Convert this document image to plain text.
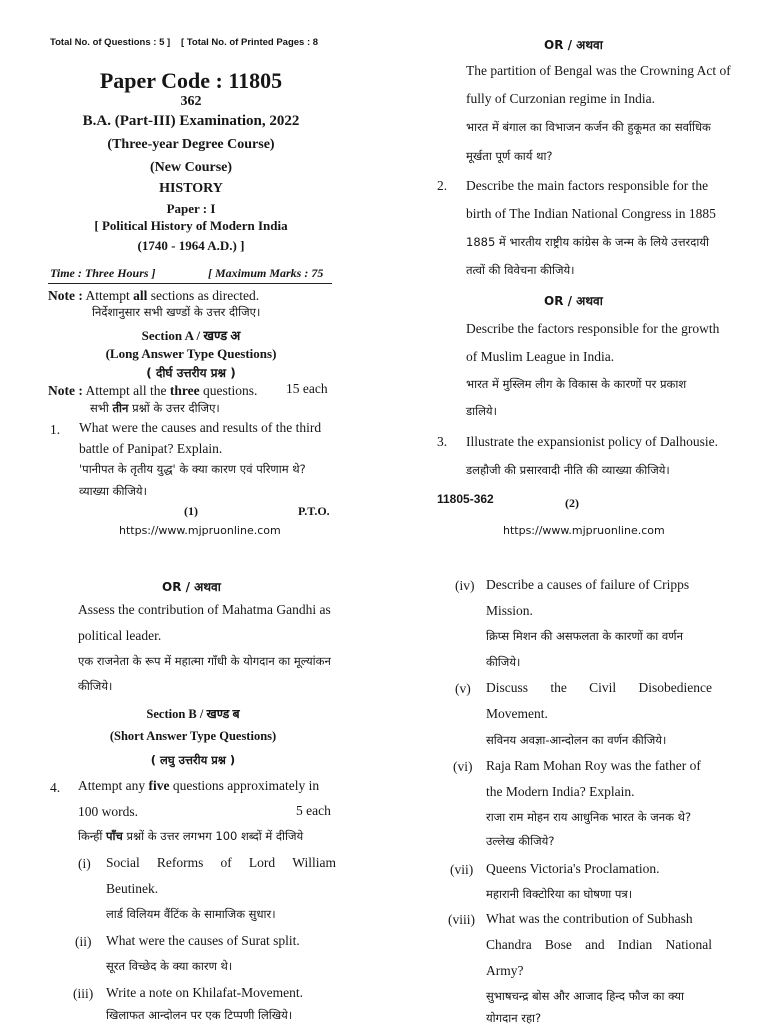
Total No. of Questions : 5 ] [ Total No. of Printed Pages : 8
Paper Code : 11805
362
B.A. (Part-III) Examination, 2022
(Three-year Degree Course)
(New Course)
HISTORY
Paper : I
[ Political History of Modern India
(1740 - 1964 A.D.) ]
Time : Three Hours ]	[ Maximum Marks : 75
Note : Attempt all sections as directed.
निर्देशानुसार सभी खण्डों के उत्तर दीजिए।
Section A / खण्ड अ
(Long Answer Type Questions)
( दीर्घ उत्तरीय प्रश्न )
Note : Attempt all the three questions. 15 each
सभी तीन प्रश्नों के उत्तर दीजिए।
1. What were the causes and results of the third
battle of Panipat? Explain.
'पानीपत के तृतीय युद्ध' के क्या कारण एवं परिणाम थे?
व्याख्या कीजिये।
(1)	P.T.O.
https://www.mjpruonline.com
OR / अथवा
The partition of Bengal was the Crowning Act of
fully of Curzonian regime in India.
भारत में बंगाल का विभाजन कर्जन की हुकूमत का सर्वाधिक
मूर्खता पूर्ण कार्य था?
2. Describe the main factors responsible for the
birth of The Indian National Congress in 1885
1885 में भारतीय राष्ट्रीय कांग्रेस के जन्म के लिये उत्तरदायी
तत्वों की विवेचना कीजिये।
OR / अथवा
Describe the factors responsible for the growth
of Muslim League in India.
भारत में मुस्लिम लीग के विकास के कारणों पर प्रकाश
डालिये।
3. Illustrate the expansionist policy of Dalhousie.
डलहौजी की प्रसारवादी नीति की व्याख्या कीजिये।
11805-362	(2)
https://www.mjpruonline.com
OR / अथवा
Assess the contribution of Mahatma Gandhi as
political leader.
एक राजनेता के रूप में महात्मा गाँधी के योगदान का मूल्यांकन
कीजिये।
Section B / खण्ड ब
(Short Answer Type Questions)
( लघु उत्तरीय प्रश्न )
4. Attempt any five questions approximately in
100 words.	5 each
किन्हीं पाँच प्रश्नों के उत्तर लगभग 100 शब्दों में दीजिये
(i) Social Reforms of Lord William
Beutinek.
लार्ड विलियम वैंटिंक के सामाजिक सुधार।
(ii) What were the causes of Surat split.
सूरत विच्छेद के क्या कारण थे।
(iii) Write a note on Khilafat-Movement.
खिलाफत आन्दोलन पर एक टिप्पणी लिखिये।
(iv) Describe a causes of failure of Cripps
Mission.
क्रिप्स मिशन की असफलता के कारणों का वर्णन
कीजिये।
(v) Discuss the Civil Disobedience
Movement.
सविनय अवज्ञा-आन्दोलन का वर्णन कीजिये।
(vi) Raja Ram Mohan Roy was the father of
the Modern India? Explain.
राजा राम मोहन राय आधुनिक भारत के जनक थे?
उल्लेख कीजिये?
(vii) Queens Victoria's Proclamation.
महारानी विक्टोरिया का घोषणा पत्र।
(viii) What was the contribution of Subhash
Chandra Bose and Indian National
Army?
सुभाषचन्द्र बोस और आजाद हिन्द फौज का क्या
योगदान रहा?
